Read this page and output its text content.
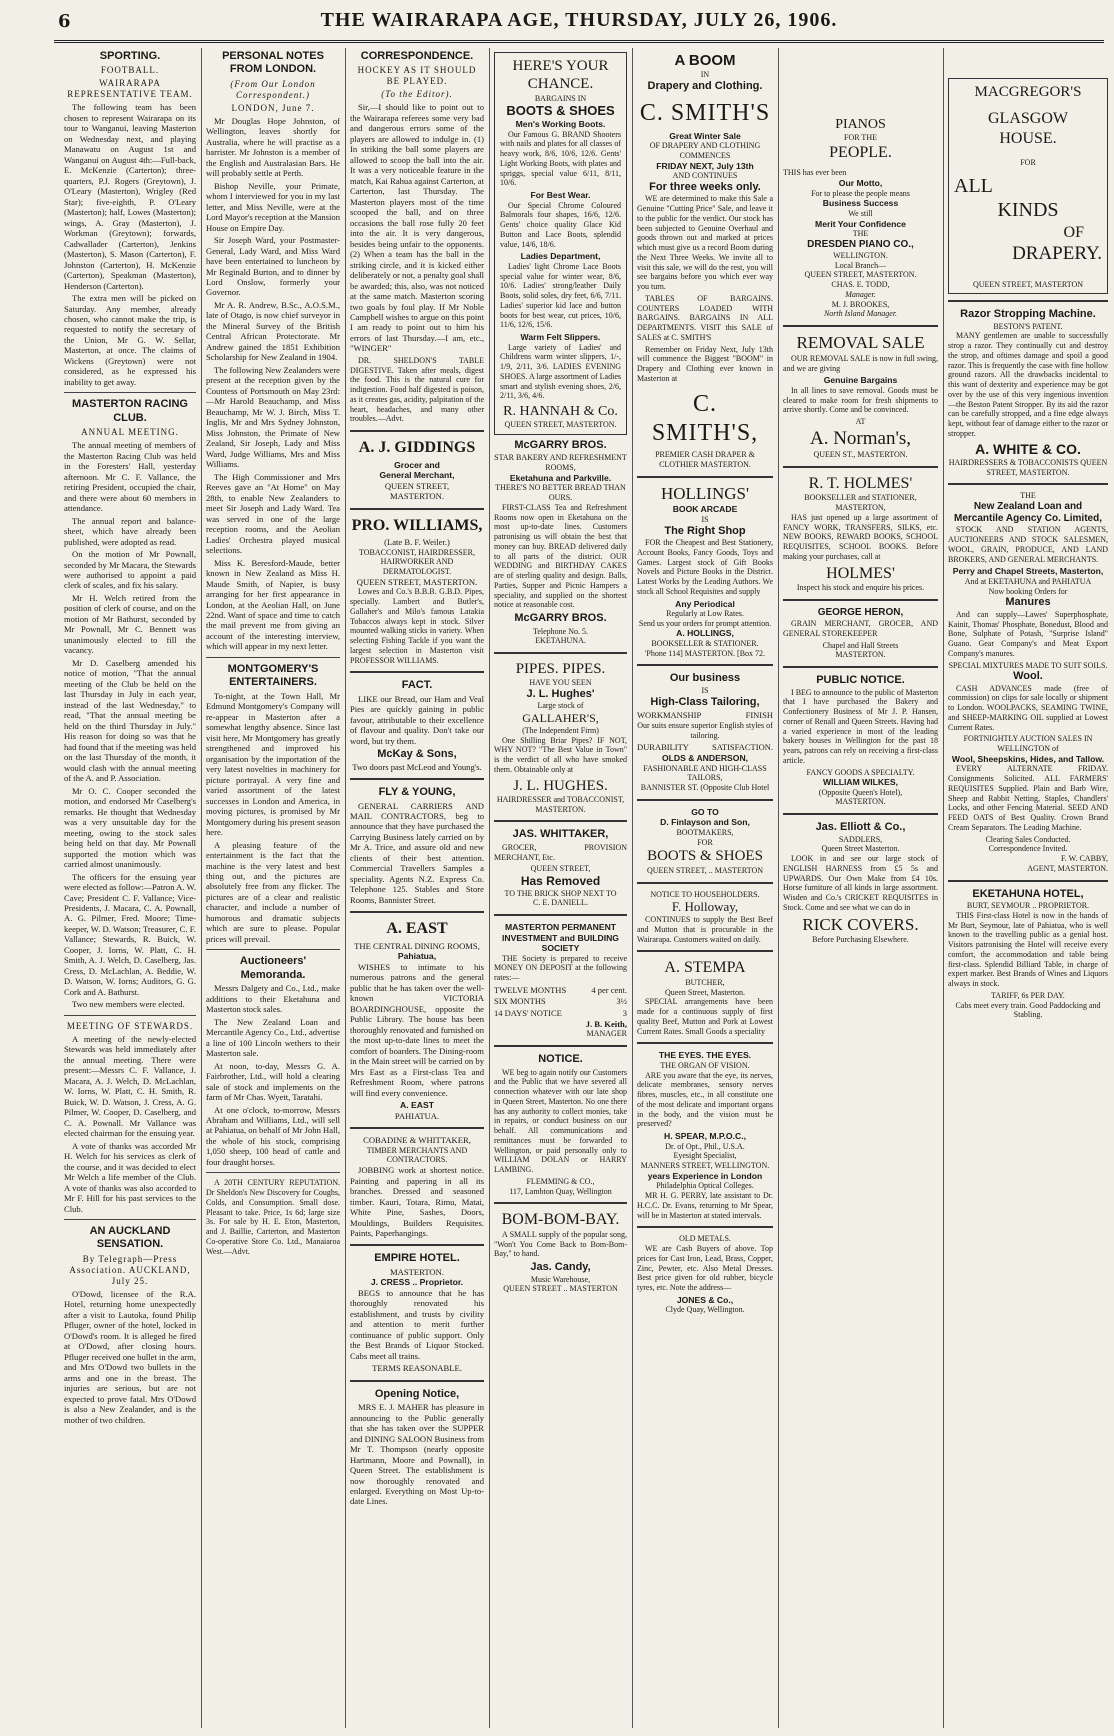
6	THE WAIRARAPA AGE, THURSDAY, JULY 26, 1906.
SPORTING.
FOOTBALL.
WAIRARAPA REPRESENTATIVE TEAM.

The following team has been chosen to represent Wairarapa on its tour to Wanganui, leaving Masterton on Wednesday next, and playing Manawatu on August 1st and Wanganui on August 4th:—Full-back, E. McKenzie (Carterton); three-quarters, P.J. Rogers (Greytown), J. O'Leary (Masterton), Wrigley (Red Star); five-eighth, P. O'Leary (Masterton); half, Lowes (Masterton); wings, A. Gray (Masterton), J. Workman (Greytown); forwards, Cadwallader (Carterton), Jenkins (Masterton), S. Mason (Carterton), F. Johnston (Carterton), H. McKenzie (Carterton), Speakman (Masterton), Henderson (Carterton).

The extra men will be picked on Saturday. Any member, already chosen, who cannot make the trip, is requested to notify the secretary of the Union, Mr G. W. Sellar, Masterton, at once. The claims of Wickens (Greytown) were not considered, as he expressed his inability to get away.

MASTERTON RACING CLUB.
ANNUAL MEETING.

The annual meeting of members of the Masterton Racing Club was held in the Foresters' Hall, yesterday afternoon. Mr C. F. Vallance, the retiring President, occupied the chair, and there were about 60 members in attendance.

The annual report and balance-sheet, which have already been published, were adopted as read.

On the motion of Mr Pownall, seconded by Mr Macara, the Stewards were authorised to appoint a paid clerk of scales, and fix his salary.

Mr H. Welch retired from the position of clerk of course, and on the motion of Mr Bathurst, seconded by Mr Pownall, Mr C. Bennett was unanimously elected to fill the vacancy.

Mr D. Caselberg amended his notice of motion, "That the annual meeting of the Club be held on the last Thursday in July in each year, instead of the last Wednesday," to read, "That the annual meeting be held on the third Thursday in July." His reason for doing so was that he had found that if the meeting was held on the last Thursday of the month, it would clash with the annual meeting of the A. and P. Association.

Mr O. C. Cooper seconded the motion, and endorsed Mr Caselberg's remarks. He thought that Wednesday was a very unsuitable day for the meeting, owing to the stock sales being held on that day. Mr Pownall supported the motion which was carried almost unanimously.

The officers for the ensuing year were elected as follow:—Patron A. W. Cave; President C. F. Vallance; Vice-Presidents, J. Macara, C. A. Pownall, A. G. Pilmer, Fred. Moore; Time-keeper, W. D. Watson; Treasurer, C. F. Vallance; Stewards, R. Buick, W. Cooper, J. Iorns, W. Platt, C. H. Smith, A. J. Welch, D. Caselberg, Jas. Cress, D. McLachlan, A. Beddie, W. D. Watson, W. Iorns; Auditors, G. G. Cork and A. Bathurst.

Two new members were elected.

MEETING OF STEWARDS.

A meeting of the newly-elected Stewards was held immediately after the annual meeting. There were present:—Messrs C. F. Vallance, J. Macara, A. J. Welch, D. McLachlan, W. Iorns, W. Platt, C. H. Smith, R. Buick, W. D. Watson, J. Cress, A. G. Pilmer, W. Cooper, D. Caselberg, and C. A. Pownall. Mr Vallance was elected chairman for the ensuing year.

A vote of thanks was accorded Mr H. Welch for his services as clerk of the course, and it was decided to elect Mr Welch a life member of the Club. A vote of thanks was also accorded to Mr F. Hill for his past services to the Club.

AN AUCKLAND SENSATION.
By Telegraph—Press Association. AUCKLAND, July 25.

O'Dowd, licensee of the R.A. Hotel, returning home unexpectedly after a visit to Lautoka, found Philip Pfluger, owner of the hotel, locked in O'Dowd's room. It is alleged he fired at O'Dowd, after closing hours. Pfluger received one bullet in the arm, and Mrs O'Dowd two bullets in the arms and one in the breast. The injuries are serious, but are not expected to prove fatal. Mrs O'Dowd is also a New Zealander, and is the mother of two children.

PERSONAL NOTES FROM LONDON.
(From Our London Correspondent.)
LONDON, June 7.

Mr Douglas Hope Johnston, of Wellington, leaves shortly for Australia, where he will practise as a barrister. Mr Johnston is a member of the English and Australasian Bars. He will probably settle at Perth.

Bishop Neville, your Primate, whom I interviewed for you in my last letter, and Miss Neville, were at the Lord Mayor's reception at the Mansion House on Empire Day.

Sir Joseph Ward, your Postmaster-General, Lady Ward, and Miss Ward have been entertained to luncheon by Mr Reginald Burton, and to dinner by Lord Onslow, formerly your Governor.

Mr A. R. Andrew, B.Sc., A.O.S.M., late of Otago, is now chief surveyor in the Mineral Survey of the British Central African Protectorate. Mr Andrew gained the 1851 Exhibition Scholarship for New Zealand in 1904.

The following New Zealanders were present at the reception given by the Countess of Portsmouth on May 23rd:—Mr Harold Beauchamp, and Miss Beauchamp, Mr W. J. Birch, Miss T. Inglis, Mr and Mrs Sydney Johnston, Miss Johnston, the Primate of New Zealand, Sir Joseph, Lady and Miss Ward, Judge Williams, Mrs and Miss Williams.

The High Commissioner and Mrs Reeves gave an "At Home" on May 28th, to enable New Zealanders to meet Sir Joseph and Lady Ward. Tea was served in one of the large reception rooms, and the Aeolian Ladies' Orchestra played musical selections.

Miss K. Beresford-Maude, better known in New Zealand as Miss H. Maude Smith, of Napier, is busy arranging for her first appearance in London, at the Aeolian Hall, on June 22nd. Want of space and time to catch the mail prevent me from giving an account of the interesting interview, which will appear in my next letter.

MONTGOMERY'S ENTERTAINERS.

To-night, at the Town Hall, Mr Edmund Montgomery's Company will re-appear in Masterton after a somewhat lengthy absence. Since last visit here, Mr Montgomery has greatly strengthened and improved his organisation by the importation of the very latest novelties in machinery for picture portrayal. A very fine and varied assortment of the latest successes in London and America, in moving pictures, is promised by Mr Montgomery during his present season here.

A pleasing feature of the entertainment is the fact that the machine is the very latest and best thing out, and the pictures are absolutely free from any flicker. The pictures are of a clear and realistic character, and include a number of humorous and dramatic subjects which are sure to please. Popular prices will prevail.

Auctioneers' Memoranda.

Messrs Dalgety and Co., Ltd., make additions to their Eketahuna and Masterton stock sales.

The New Zealand Loan and Mercantile Agency Co., Ltd., advertise a line of 100 Lincoln wethers to their Masterton sale.

At noon, to-day, Messrs G. A. Fairbrother, Ltd., will hold a clearing sale of stock and implements on the farm of Mr Chas. Wyett, Taratahi.

At one o'clock, to-morrow, Messrs Abraham and Williams, Ltd., will sell at Pahiatua, on behalf of Mr John Hall, the whole of his stock, comprising 1,050 sheep, 100 head of cattle and four draught horses.

A 20TH CENTURY REPUTATION. Dr Sheldon's New Discovery for Coughs, Colds, and Consumption. Small dose. Pleasant to take. Price, 1s 6d; large size 3s. For sale by H. E. Eton, Masterton, and J. Baillie, Carterton, and Masterton Co-operative Store Co. Ltd., Manaiaroa West.—Advt.

CORRESPONDENCE.
HOCKEY AS IT SHOULD BE PLAYED.
(To the Editor).

Sir,—I should like to point out to the Wairarapa referees some very bad and dangerous errors some of the players are allowed to indulge in. (1) In striking the ball some players are allowed to scoop the ball into the air. It was a very noticeable feature in the match, Kai Rahua against Carterton, at Carterton, last Thursday. The Masterton players most of the time scooped the ball, and on three occasions the ball rose fully 20 feet into the air. It is very dangerous, besides being unfair to the opponents. (2) When a team has the ball in the striking circle, and it is kicked either deliberately or not, a penalty goal shall be awarded; this, also, was not noticed at the same match. Masterton scoring two goals by foul play. If Mr Noble Campbell wishes to argue on this point I am ready to point out to him his errors of last Thursday.—I am, etc., "WINGER"

DR. SHELDON'S TABLE DIGESTIVE. Taken after meals, digest the food. This is the natural cure for indigestion. Food half digested is poison, as it creates gas, acidity, palpitation of the heart, headaches, and many other troubles.—Advt.

A. J. GIDDINGS
Grocer and
General Merchant,
QUEEN STREET,
MASTERTON.
PRO. WILLIAMS,
(Late B. F. Weiler.)
TOBACCONIST, HAIRDRESSER, HAIRWORKER AND DERMATOLOGIST.
QUEEN STREET, MASTERTON.

Lowes and Co.'s B.B.B. G.B.D. Pipes, specially. Lambert and Butler's, Gallaher's and Milo's famous Latakia Tobaccos always kept in stock. Silver mounted walking sticks in variety. When selecting Fishing Tackle if you want the largest selection in Masterton visit PROFESSOR WILLIAMS.

FACT.

LIKE our Bread, our Ham and Veal Pies are quickly gaining in public favour, attributable to their excellence of flavour and quality. Don't take our word, but try them.

McKay & Sons,
Two doors past McLeod and Young's.
FLY & YOUNG,

GENERAL CARRIERS AND MAIL CONTRACTORS, beg to announce that they have purchased the Carrying Business lately carried on by Mr A. Trice, and assure old and new clients of their best attention. Commercial Travellers Samples a speciality. Agents N.Z. Express Co. Telephone 125. Stables and Store Rooms, Bannister Street.

A. EAST
THE CENTRAL DINING ROOMS,
Pahiatua,

WISHES to intimate to his numerous patrons and the general public that he has taken over the well-known VICTORIA BOARDINGHOUSE, opposite the Public Library. The house has been thoroughly renovated and furnished on the most up-to-date lines to meet the comfort of boarders. The Dining-room in the Main street will be carried on by Mrs East as a First-class Tea and Refreshment Room, where patrons will find every convenience.

A. EAST
PAHIATUA.
COBADINE & WHITTAKER,
TIMBER MERCHANTS AND CONTRACTORS.

JOBBING work at shortest notice. Painting and papering in all its branches. Dressed and seasoned timber. Kauri, Totara, Rimu, Matai, White Pine, Sashes, Doors, Mouldings, Builders Requisites. Paints, Paperhangings.

EMPIRE HOTEL.
MASTERTON.
J. CRESS .. Proprietor.

BEGS to announce that he has thoroughly renovated his establishment, and trusts by civility and attention to merit further continuance of public support. Only the Best Brands of Liquor Stocked. Cabs meet all trains.

TERMS REASONABLE.
Opening Notice,

MRS E. J. MAHER has pleasure in announcing to the Public generally that she has taken over the SUPPER and DINING SALOON Business from Mr T. Thompson (nearly opposite Hartmann, Moore and Pownall), in Queen Street. The establishment is now thoroughly renovated and enlarged. Everything on Most Up-to-date Lines.

HERE'S YOUR
CHANCE.
BARGAINS IN
BOOTS & SHOES
Men's Working Boots.

Our Famous G. BRAND Shooters with nails and plates for all classes of heavy work, 8/6, 10/6, 12/6. Gents' Light Working Boots, with plates and spriggs, special value 6/11, 8/11, 10/6.

For Best Wear.

Our Special Chrome Coloured Balmorals four shapes, 16/6, 12/6. Gents' choice quality Glace Kid Button and Lace Boots, splendid value, 14/6, 18/6.

Ladies Department,

Ladies' light Chrome Lace Boots special value for winter wear, 8/6, 10/6. Ladies' strong/leather Daily Boots, solid soles, dry feet, 6/6, 7/11. Ladies' superior kid lace and button boots for best wear, cut prices, 10/6, 11/6, 12/6, 15/6.

Warm Felt Slippers.

Large variety of Ladies' and Childrens warm winter slippers, 1/-, 1/9, 2/11, 3/6. LADIES EVENING SHOES. A large assortment of Ladies smart and stylish evening shoes, 2/6, 2/11, 3/6, 4/6.

R. HANNAH & Co.
QUEEN STREET, MASTERTON.
McGARRY BROS.
STAR BAKERY AND REFRESHMENT ROOMS,
Eketahuna and Parkville.
THERE'S NO BETTER BREAD THAN OURS.

FIRST-CLASS Tea and Refreshment Rooms now open in Eketahuna on the most up-to-date lines. Customers patronising us will obtain the best that money can buy. BREAD delivered daily to all parts of the district. OUR WEDDING and BIRTHDAY CAKES are of sterling quality and design. Balls, Parties, Supper and Picnic Hampers a speciality, and supplied on the shortest notice at reasonable cost.

McGARRY BROS.
Telephone No. 5.
EKETAHUNA.
PIPES. PIPES.
HAVE YOU SEEN
J. L. Hughes'
Large stock of
GALLAHER'S,
(The Independent Firm)

One Shilling Briar Pipes? IF NOT, WHY NOT? "The Best Value in Town" is the verdict of all who have smoked them. Obtainable only at

J. L. HUGHES.
HAIRDRESSER and TOBACCONIST,
MASTERTON.
JAS. WHITTAKER,

GROCER, PROVISION MERCHANT, Etc.

QUEEN STREET,
Has Removed
TO THE BRICK SHOP NEXT TO
C. E. DANIELL.
MASTERTON PERMANENT INVESTMENT and BUILDING SOCIETY

THE Society is prepared to receive MONEY ON DEPOSIT at the following rates:—

TWELVE MONTHS	4 per cent.
SIX MONTHS	3½
14 DAYS' NOTICE	3
J. B. Keith,
MANAGER
NOTICE.

WE beg to again notify our Customers and the Public that we have severed all connection whatever with our late shop in Queen Street, Masterton. No one there has any authority to collect monies, take in repairs, or conduct business on our behalf. All communications and remittances must be forwarded to Wellington, or paid personally only to WILLIAM DOLAN or HARRY LAMBING.

FLEMMING & CO.,
117, Lambton Quay, Wellington
BOM-BOM-BAY.

A SMALL supply of the popular song, "Won't You Come Back to Bom-Bom-Bay," to hand.

Jas. Candy,
Music Warehouse,
QUEEN STREET .. MASTERTON
A BOOM
IN
Drapery and Clothing.
C. SMITH'S
Great Winter Sale
OF DRAPERY AND CLOTHING
COMMENCES
FRIDAY NEXT, July 13th
AND CONTINUES
For three weeks only.

WE are determined to make this Sale a Genuine "Cutting Price" Sale, and leave it to the public for the verdict. Our stock has been subjected to Genuine Overhaul and goods thrown out and marked at prices which must give us a record Boom during the Next Three Weeks. We invite all to visit this sale, we will do the rest, you will see bargains before you which ever way you turn.

TABLES OF BARGAINS. COUNTERS LOADED WITH BARGAINS. BARGAINS IN ALL DEPARTMENTS. VISIT this SALE of SALES at C. SMITH'S

Remember on Friday Next, July 13th will commence the Biggest "BOOM" in Drapery and Clothing ever known in Masterton at

C. SMITH'S,
PREMIER CASH DRAPER & CLOTHIER MASTERTON.
HOLLINGS'
BOOK ARCADE
IS
The Right Shop

FOR the Cheapest and Best Stationery, Account Books, Fancy Goods, Toys and Games. Largest stock of Gift Books Novels and Picture Books in the District. Latest Works by the Leading Authors. We stock all School Requisites and supply

Any Periodical
Regularly at Low Rates.
Send us your orders for prompt attention.
A. HOLLINGS,
BOOKSELLER & STATIONER.
'Phone 114] MASTERTON. [Box 72.
Our business
IS
High-Class Tailoring,
WORKMANSHIP	FINISH
Our suits ensure superior English styles of tailoring.
DURABILITY	SATISFACTION.
OLDS & ANDERSON,
FASHIONABLE AND HIGH-CLASS TAILORS,
BANNISTER ST. (Opposite Club Hotel
GO TO
D. Finlayson and Son,
BOOTMAKERS,
FOR
BOOTS & SHOES
QUEEN STREET, .. MASTERTON
NOTICE TO HOUSEHOLDERS.
F. Holloway,

CONTINUES to supply the Best Beef and Mutton that is procurable in the Wairarapa. Customers waited on daily.

A. STEMPA
BUTCHER,
Queen Street, Masterton.

SPECIAL arrangements have been made for a continuous supply of first quality Beef, Mutton and Pork at Lowest Current Rates. Small Goods a speciality

THE EYES. THE EYES.
THE ORGAN OF VISION.

ARE you aware that the eye, its nerves, delicate membranes, sensory nerves fibres, muscles, etc., in all constitute one of the most delicate and important organs in the body, and the vision must be preserved?

H. SPEAR, M.P.O.C.,
Dr. of Opt., Phil., U.S.A.
Eyesight Specialist,
MANNERS STREET, WELLINGTON.
years Experience in London
Philadelphia Optical Colleges.

MR H. G. PERRY, late assistant to Dr. H.C.C. Dr. Evans, returning to Mr Spear, will be in Masterton at stated intervals.

OLD METALS.

WE are Cash Buyers of above. Top prices for Cast Iron, Lead, Brass, Copper, Zinc, Pewter, etc. Also Metal Dresses. Best price given for old rubber, bicycle tyres, etc. Note the address—

JONES & Co.,
Clyde Quay, Wellington.
PIANOS
FOR THE
PEOPLE.
THIS has ever been
Our Motto,
For to please the people means
Business Success
We still
Merit Your Confidence
THE
DRESDEN PIANO CO.,
WELLINGTON.
Local Branch—
QUEEN STREET, MASTERTON.
CHAS. E. TODD,
Manager.
M. J. BROOKES,
North Island Manager.
REMOVAL SALE

OUR REMOVAL SALE is now in full swing, and we are giving

Genuine Bargains

In all lines to save removal. Goods must be cleared to make room for fresh shipments to arrive shortly. Come and be convinced.

AT
A. Norman's,
QUEEN ST., MASTERTON.
R. T. HOLMES'
BOOKSELLER and STATIONER,
MASTERTON,

HAS just opened up a large assortment of FANCY WORK, TRANSFERS, SILKS, etc. NEW BOOKS, REWARD BOOKS, SCHOOL REQUISITES, SCHOOL BOOKS. Before making your purchases, call at

HOLMES'
Inspect his stock and enquire his prices.
GEORGE HERON,

GRAIN MERCHANT, GROCER, AND GENERAL STOREKEEPER

Chapel and Hall Streets
MASTERTON.
PUBLIC NOTICE.

I BEG to announce to the public of Masterton that I have purchased the Bakery and Confectionery Business of Mr J. P. Hansen, corner of Renall and Queen Streets. Having had a varied experience in most of the leading bakery houses in Wellington for the past 18 years, patrons can rely on receiving a first-class article.

FANCY GOODS A SPECIALTY.
WILLIAM WILKES,
(Opposite Queen's Hotel),
MASTERTON.
Jas. Elliott & Co.,
SADDLERS,
Queen Street Masterton.

LOOK in and see our large stock of ENGLISH HARNESS from £5 5s and UPWARDS. Our Own Make from £4 10s. Horse furniture of all kinds in large assortment. Wisden and Co.'s CRICKET REQUISITES in Stock. Come and see what we can do in

RICK COVERS.
Before Purchasing Elsewhere.
MACGREGOR'S
GLASGOW
HOUSE.
FOR
ALL
KINDS
OF
DRAPERY.
QUEEN STREET, MASTERTON
Razor Stropping Machine.
BESTON'S PATENT.

MANY gentlemen are unable to successfully strop a razor. They continually cut and destroy the strop, and oftimes damage and spoil a good razor. This is frequently the case with fine hollow ground razors. All the drawbacks incidental to this want of dexterity and experience may be got over by the use of this very ingenious invention—the Beston Patent Stropper. By its aid the razor can be carefully stropped, and a fine edge always kept, without fear of damage either to the razor or stropper.

A. WHITE & CO.
HAIRDRESSERS & TOBACCONISTS QUEEN STREET, MASTERTON.
THE
New Zealand Loan and Mercantile Agency Co. Limited,

STOCK AND STATION AGENTS, AUCTIONEERS AND STOCK SALESMEN, WOOL, GRAIN, PRODUCE, AND LAND BROKERS, AND GENERAL MERCHANTS.

Perry and Chapel Streets, Masterton,
And at EKETAHUNA and PAHIATUA
Now booking Orders for
Manures

And can supply—Lawes' Superphosphate, Kainit, Thomas' Phosphate, Bonedust, Blood and Bone, Sulphate of Potash, "Surprise Island" Guano. Gear Company's and Meat Export Company's manures.

SPECIAL MIXTURES MADE TO SUIT SOILS.
Wool.

CASH ADVANCES made (free of commission) on clips for sale locally or shipment to London. WOOLPACKS, SEAMING TWINE, and SHEEP-MARKING OIL supplied at Lowest Current Rates.

FORTNIGHTLY AUCTION SALES IN WELLINGTON of
Wool, Sheepskins, Hides, and Tallow.

EVERY ALTERNATE FRIDAY. Consignments Solicited. ALL FARMERS' REQUISITES Supplied. Plain and Barb Wire, Sheep and Rabbit Netting, Staples, Chandlers' Locks, and other Fencing Material. SEED AND FEED OATS of Best Quality. Crown Brand Cream Separators. The Leading Machine.

Clearing Sales Conducted.
Correspondence Invited.
F. W. CABBY,
AGENT, MASTERTON.
EKETAHUNA HOTEL,
BURT, SEYMOUR .. PROPRIETOR.

THIS First-class Hotel is now in the hands of Mr Burt, Seymour, late of Pahiatua, who is well known to the travelling public as a genial host. Visitors patronising the Hotel will receive every comfort, the accommodation and table being first-class. Splendid Billiard Table, in charge of expert marker. Best Brands of Wines and Liquors always in stock.

TARIFF, 6s PER DAY.
Cabs meet every train. Good Paddocking and Stabling.
